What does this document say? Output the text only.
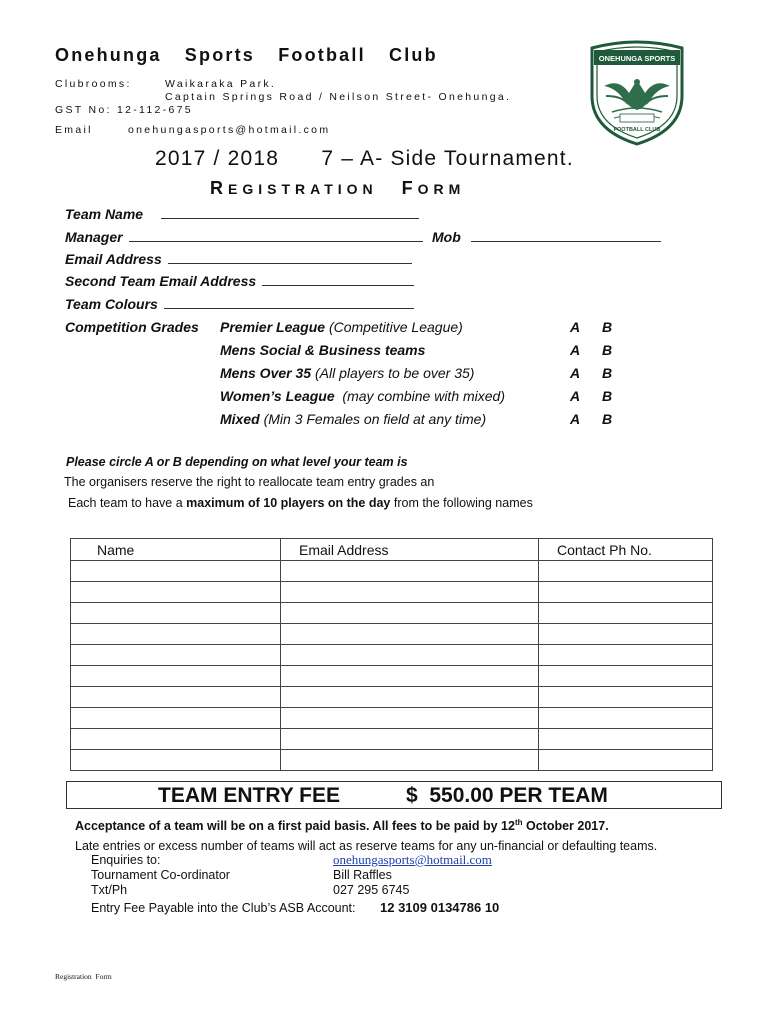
Onehunga Sports Football Club
Clubrooms:	Waikaraka Park.
Captain Springs Road / Neilson Street- Onehunga.
GST No: 12-112-675
Email	onehungasports@hotmail.com
ONEHUNGA SPORTS
FOOTBALL CLUB
2017 / 2018      7 – A- Side Tournament.
REGISTRATION FORM
Team Name
Manager	Mob
Email Address
Second Team Email Address
Team Colours
Competition Grades Premier League (Competitive League)	A B
Mens Social & Business teams	A B
Mens Over 35 (All players to be over 35)	A B
Women’s League  (may combine with mixed)	A B
Mixed (Min 3 Females on field at any time)	A B
Please circle A or B depending on what level your team is
The organisers reserve the right to reallocate team entry grades an
Each team to have a maximum of 10 players on the day from the following names
Name	Email Address	Contact Ph No.

TEAM ENTRY FEE	$  550.00 PER TEAM
Acceptance of a team will be on a first paid basis. All fees to be paid by 12th October 2017.
Late entries or excess number of teams will act as reserve teams for any un-financial or defaulting teams.
Enquiries to:	onehungasports@hotmail.com
Tournament Co-ordinator	Bill Raffles
Txt/Ph	027 295 6745
Entry Fee Payable into the Club’s ASB Account: 12 3109 0134786 10
Registration  Form
